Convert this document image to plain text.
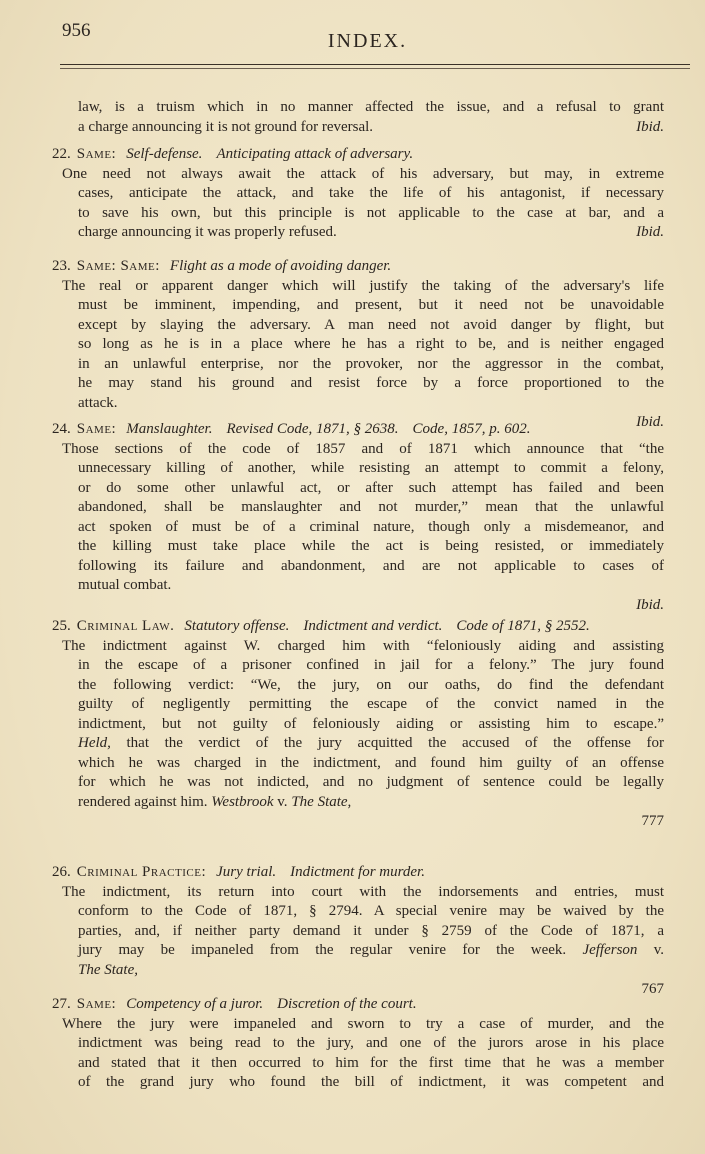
956	INDEX.
law, is a truism which in no manner affected the issue, and a refusal to grant
a charge announcing it is not ground for reversal.	Ibid.
22. Same: Self-defense. Anticipating attack of adversary.
One need not always await the attack of his adversary, but may, in extreme
cases, anticipate the attack, and take the life of his antagonist, if necessary
to save his own, but this principle is not applicable to the case at bar, and a
charge announcing it was properly refused.	Ibid.
23. Same: Same: Flight as a mode of avoiding danger.
The real or apparent danger which will justify the taking of the adversary's life
must be imminent, impending, and present, but it need not be unavoidable
except by slaying the adversary. A man need not avoid danger by flight, but
so long as he is in a place where he has a right to be, and is neither engaged
in an unlawful enterprise, nor the provoker, nor the aggressor in the combat,
he may stand his ground and resist force by a force proportioned to the
attack.
Ibid.
24. Same: Manslaughter. Revised Code, 1871, § 2638. Code, 1857, p. 602.
Those sections of the code of 1857 and of 1871 which announce that “the
unnecessary killing of another, while resisting an attempt to commit a felony,
or do some other unlawful act, or after such attempt has failed and been
abandoned, shall be manslaughter and not murder,” mean that the unlawful
act spoken of must be of a criminal nature, though only a misdemeanor, and
the killing must take place while the act is being resisted, or immediately
following its failure and abandonment, and are not applicable to cases of
mutual combat.
Ibid.
25. Criminal Law. Statutory offense. Indictment and verdict. Code of 1871, § 2552.
The indictment against W. charged him with “feloniously aiding and assisting
in the escape of a prisoner confined in jail for a felony.” The jury found
the following verdict: “We, the jury, on our oaths, do find the defendant
guilty of negligently permitting the escape of the convict named in the
indictment, but not guilty of feloniously aiding or assisting him to escape.”
Held, that the verdict of the jury acquitted the accused of the offense for
which he was charged in the indictment, and found him guilty of an offense
for which he was not indicted, and no judgment of sentence could be legally
rendered against him. Westbrook v. The State,
777
26. Criminal Practice: Jury trial. Indictment for murder.
The indictment, its return into court with the indorsements and entries, must
conform to the Code of 1871, § 2794. A special venire may be waived by the
parties, and, if neither party demand it under § 2759 of the Code of 1871, a
jury may be impaneled from the regular venire for the week. Jefferson v.
The State,
767
27. Same: Competency of a juror. Discretion of the court.
Where the jury were impaneled and sworn to try a case of murder, and the
indictment was being read to the jury, and one of the jurors arose in his place
and stated that it then occurred to him for the first time that he was a member
of the grand jury who found the bill of indictment, it was competent and
